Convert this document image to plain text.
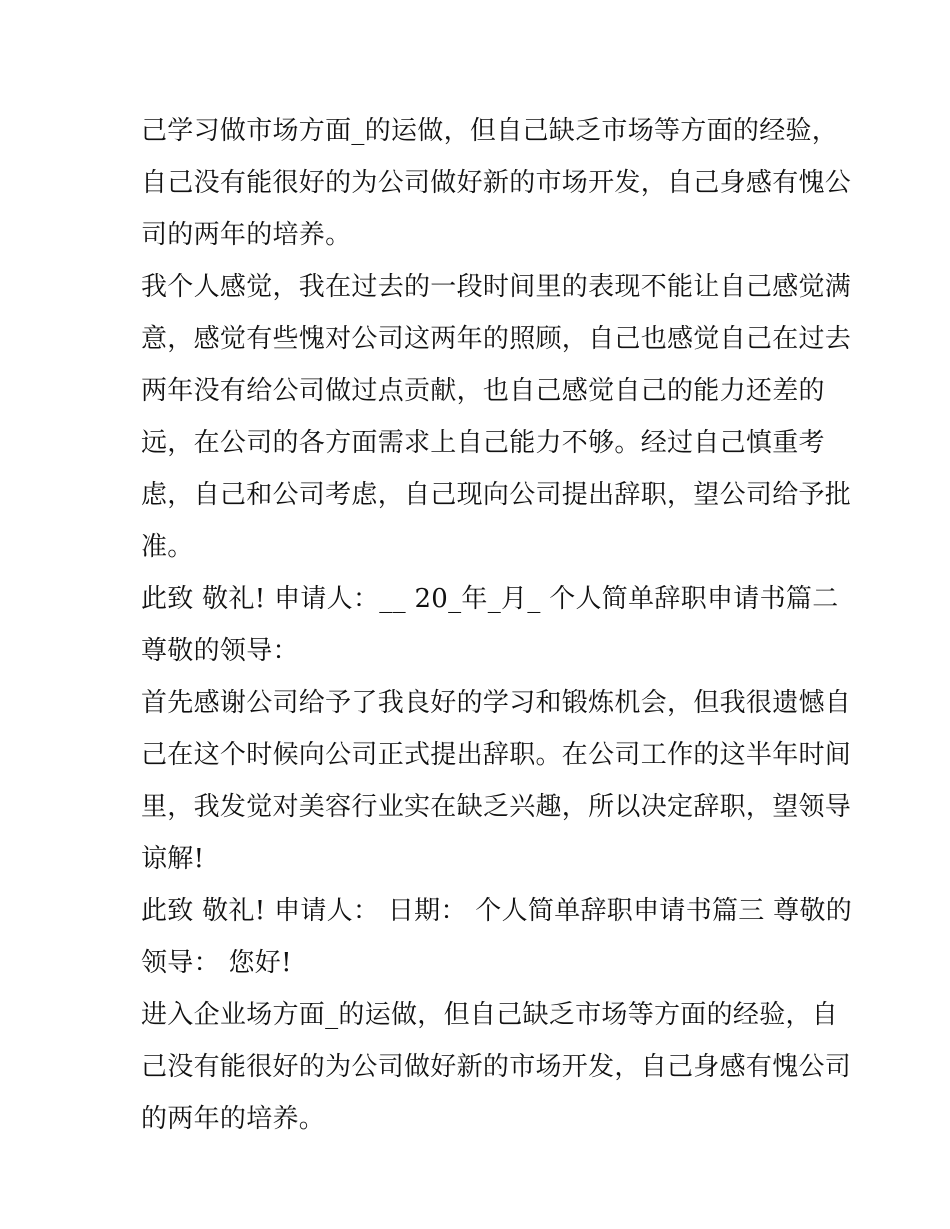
己学习做市场方面_的运做，但自己缺乏市场等方面的经验，
自己没有能很好的为公司做好新的市场开发，自己身感有愧公
司的两年的培养。
我个人感觉，我在过去的一段时间里的表现不能让自己感觉满
意，感觉有些愧对公司这两年的照顾，自己也感觉自己在过去
两年没有给公司做过点贡献，也自己感觉自己的能力还差的
远，在公司的各方面需求上自己能力不够。经过自己慎重考
虑，自己和公司考虑，自己现向公司提出辞职，望公司给予批
准。
此致 敬礼! 申请人：__ 20_年_月_ 个人简单辞职申请书篇二
尊敬的领导：
首先感谢公司给予了我良好的学习和锻炼机会，但我很遗憾自
己在这个时候向公司正式提出辞职。在公司工作的这半年时间
里，我发觉对美容行业实在缺乏兴趣，所以决定辞职，望领导
谅解!
此致 敬礼! 申请人： 日期： 个人简单辞职申请书篇三 尊敬的
领导： 您好!
进入企业场方面_的运做，但自己缺乏市场等方面的经验，自
己没有能很好的为公司做好新的市场开发，自己身感有愧公司
的两年的培养。
